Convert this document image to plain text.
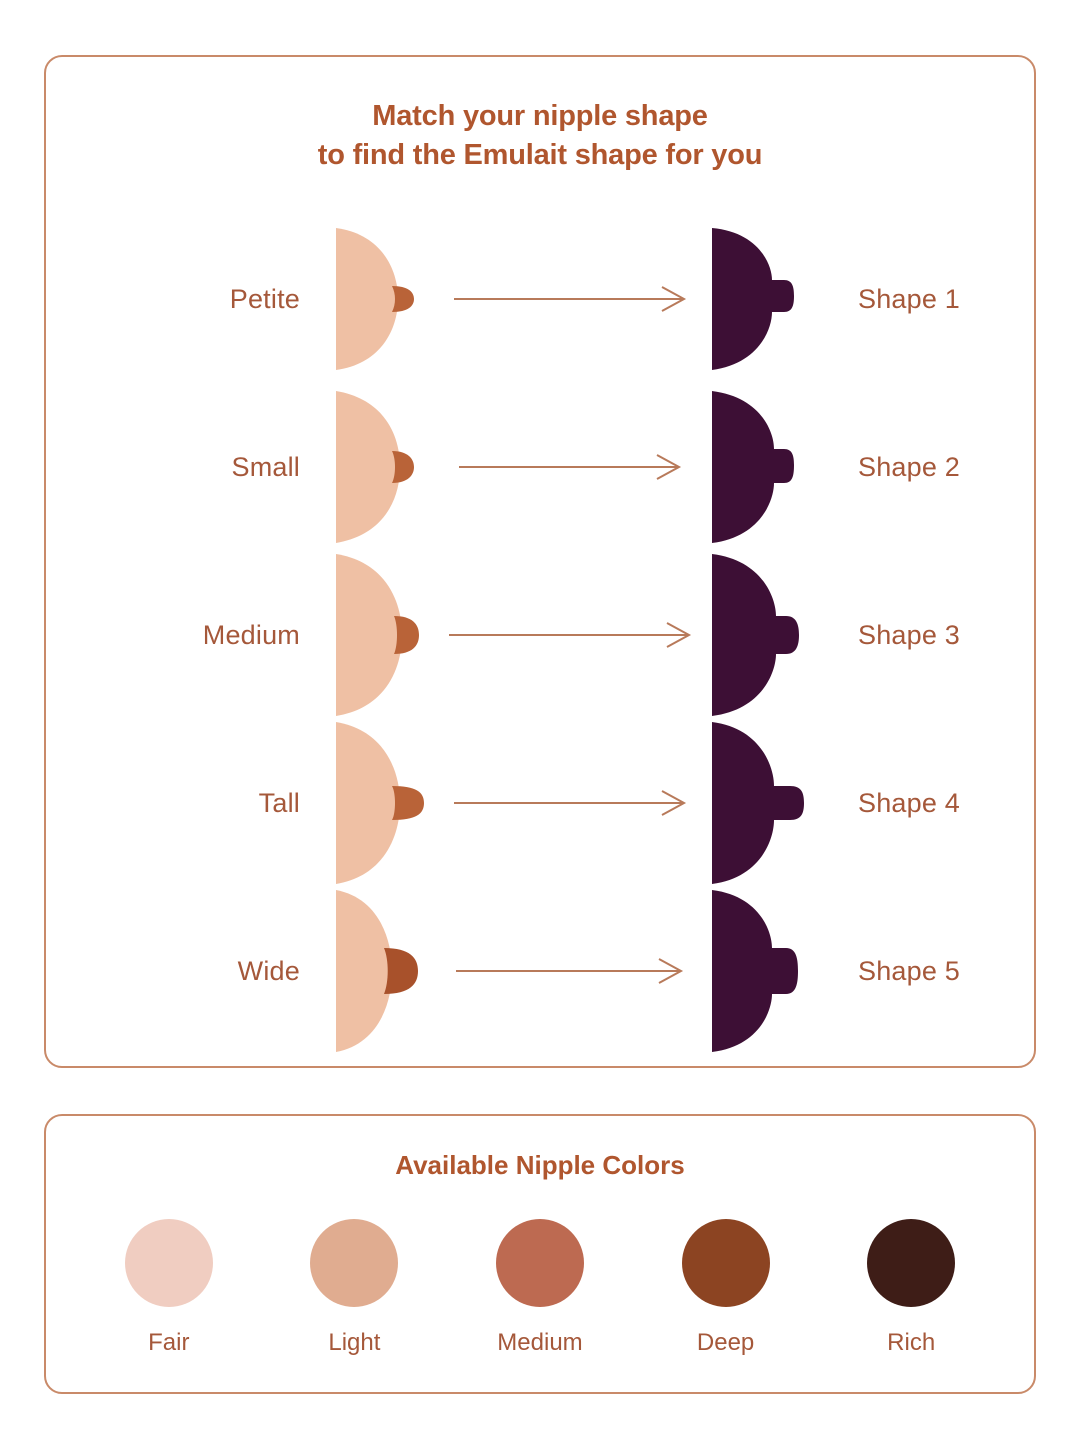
Match your nipple shape
to find the Emulait shape for you
Petite	Shape 1
Small	Shape 2
Medium	Shape 3
Tall	Shape 4
Wide	Shape 5
Available Nipple Colors
Fair	Light	Medium	Deep	Rich
